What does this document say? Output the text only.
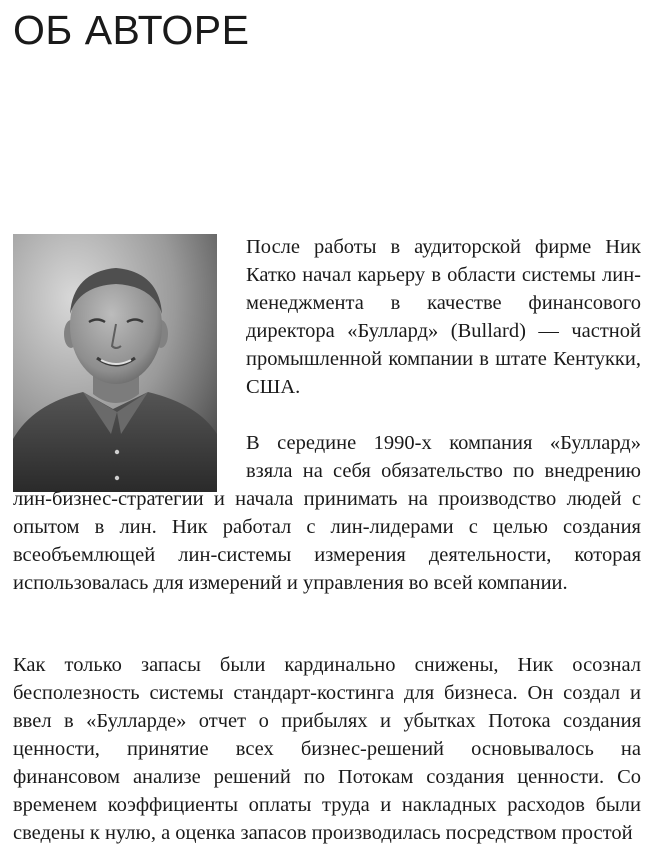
ОБ АВТОРЕ

После работы в аудиторской фирме Ник Катко начал карьеру в области системы лин-менеджмента в качестве финансового директора «Буллард» (Bullard) — частной промышленной компании в штате Кентукки, США.

В середине 1990-х компания «Буллард» взяла на себя обязательство по внедрению лин-бизнес-стратегии и начала принимать на производство людей с опытом в лин. Ник работал с лин-лидерами с целью создания всеобъемлющей лин-системы измерения деятельности, которая использовалась для измерений и управления во всей компании.

Как только запасы были кардинально снижены, Ник осознал бесполезность системы стандарт-костинга для бизнеса. Он создал и ввел в «Булларде» отчет о прибылях и убытках Потока создания ценности, принятие всех бизнес-решений основывалось на финансовом анализе решений по Потокам создания ценности. Со временем коэффициенты оплаты труда и накладных расходов были сведены к нулю, а оценка запасов производилась посредством простой
